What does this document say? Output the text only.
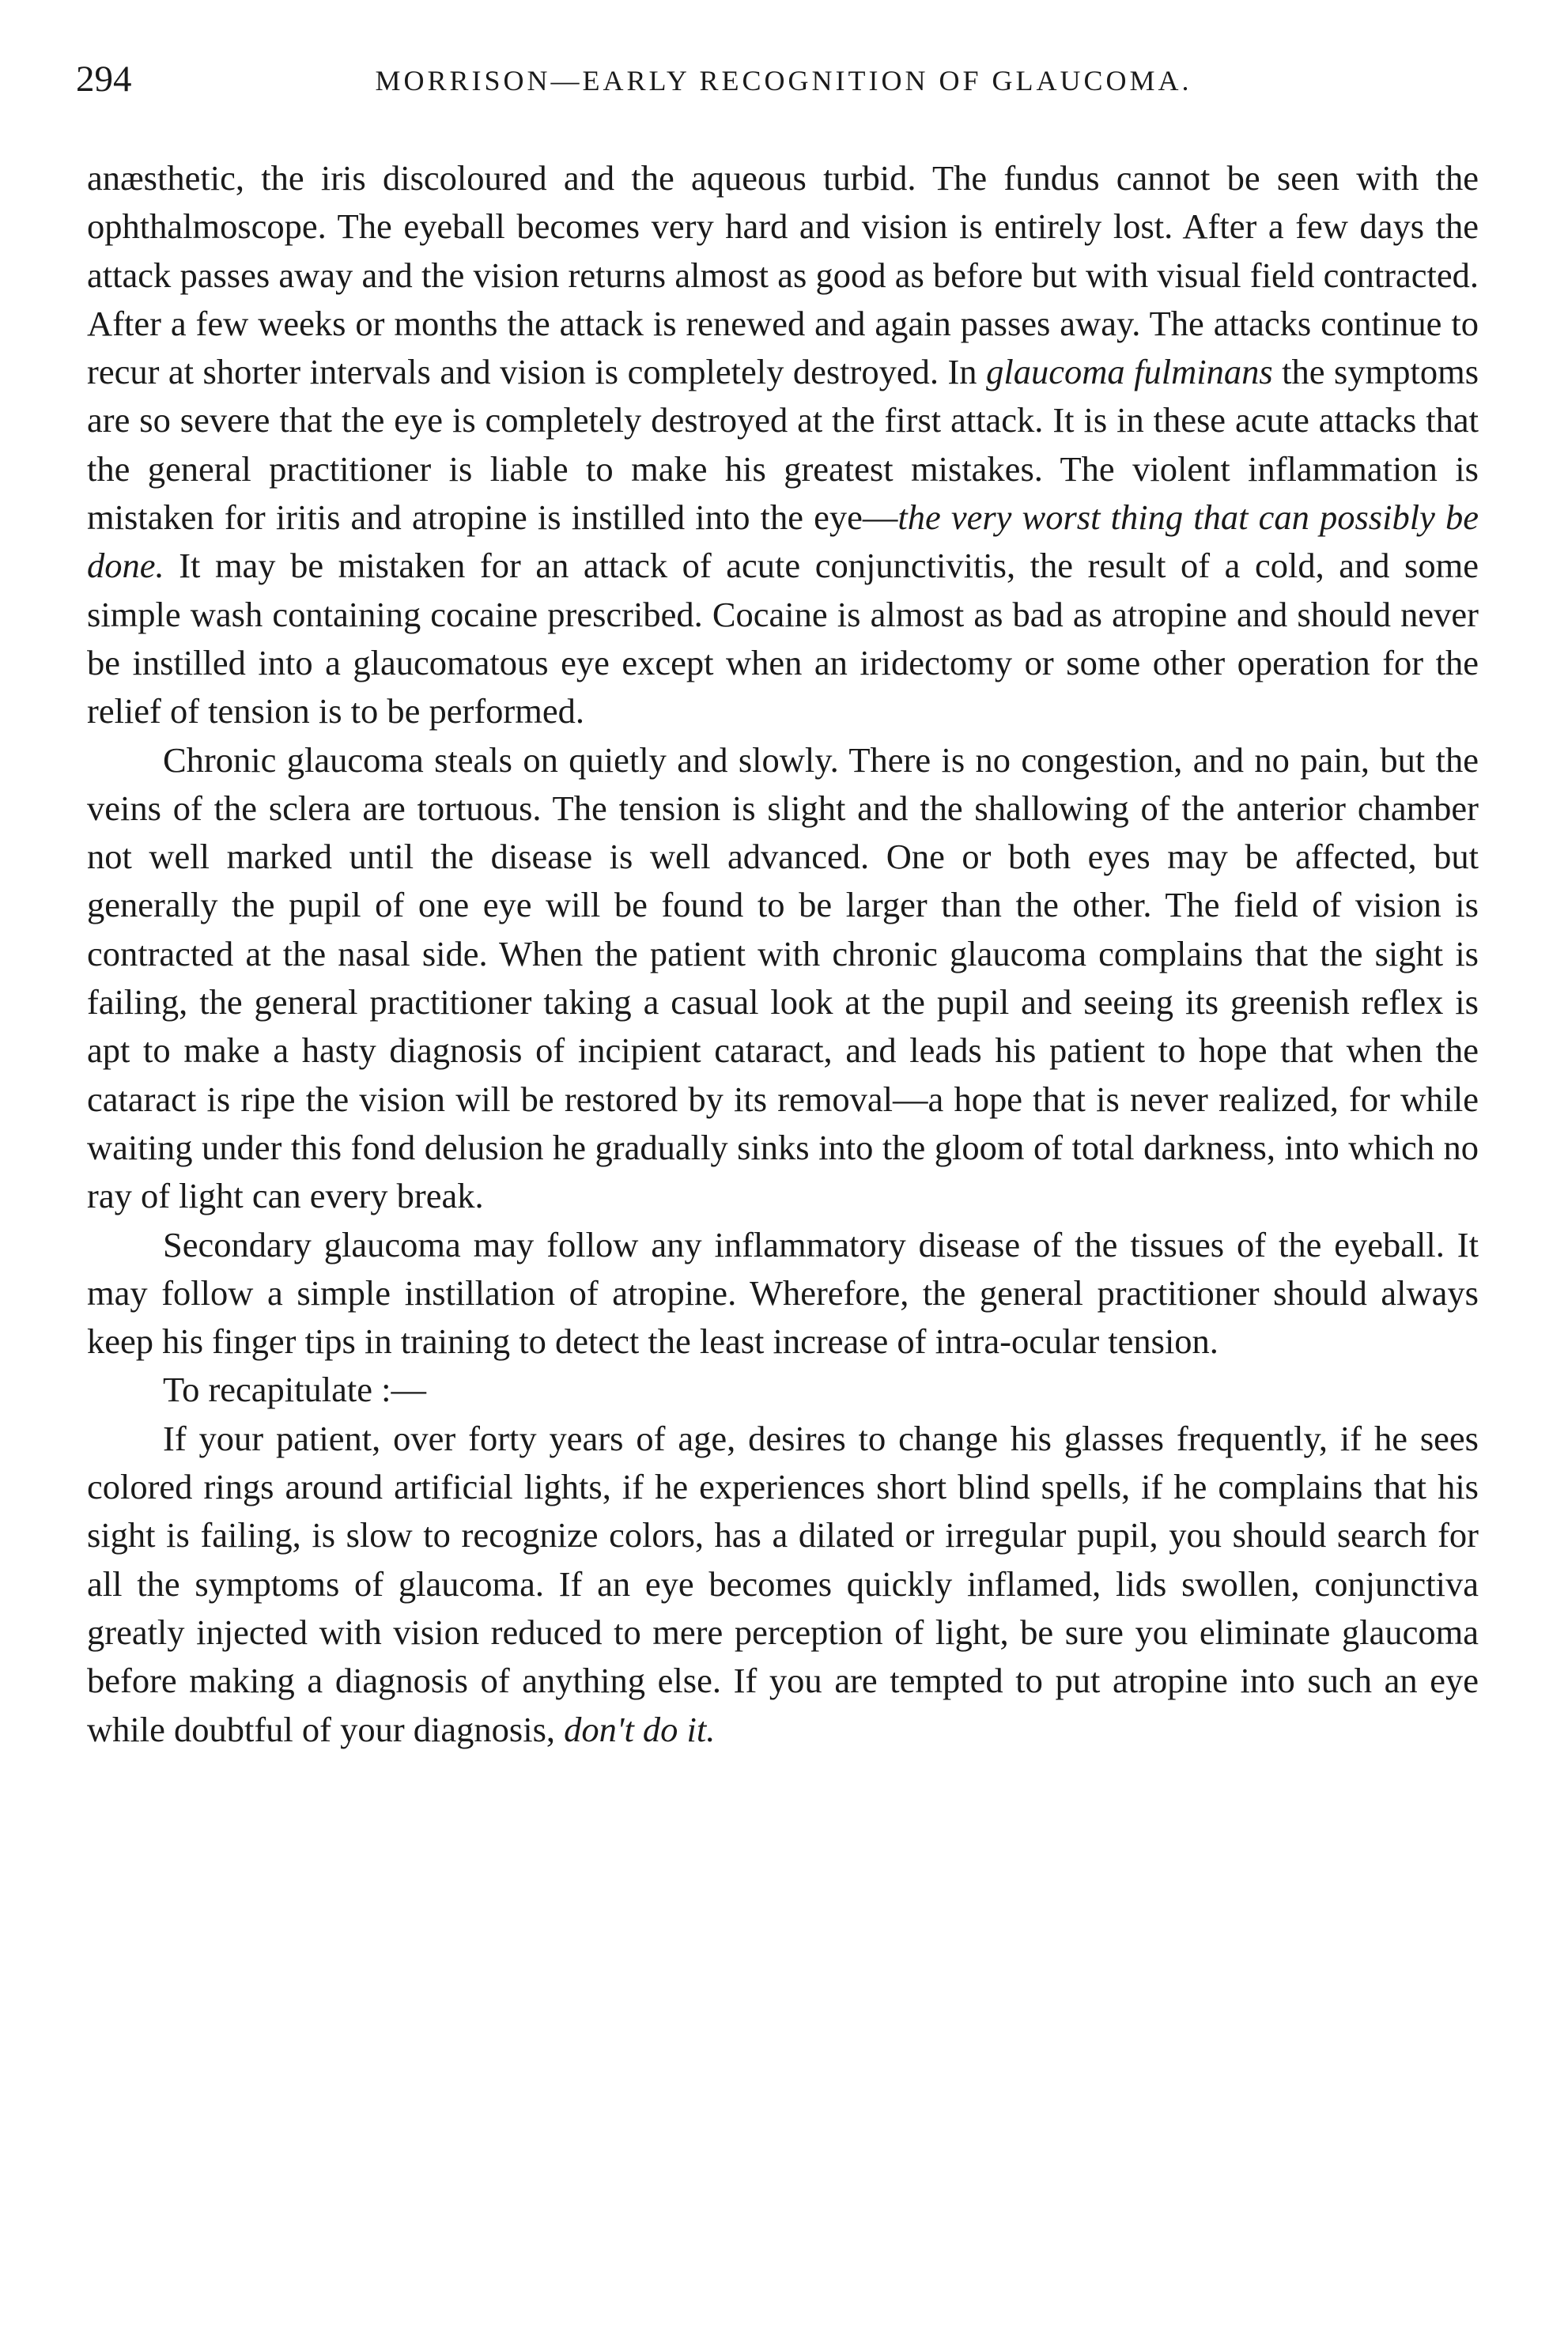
294	MORRISON—EARLY RECOGNITION OF GLAUCOMA.

anæsthetic, the iris discoloured and the aqueous turbid. The fundus cannot be seen with the ophthalmoscope. The eyeball becomes very hard and vision is entirely lost. After a few days the attack passes away and the vision returns almost as good as before but with visual field contracted. After a few weeks or months the attack is renewed and again passes away. The attacks continue to recur at shorter intervals and vision is completely destroyed. In glaucoma fulminans the symptoms are so severe that the eye is completely destroyed at the first attack. It is in these acute attacks that the general practitioner is liable to make his greatest mistakes. The violent inflammation is mistaken for iritis and atropine is instilled into the eye—the very worst thing that can possibly be done. It may be mistaken for an attack of acute conjunctivitis, the result of a cold, and some simple wash containing cocaine prescribed. Cocaine is almost as bad as atropine and should never be instilled into a glaucomatous eye except when an iridectomy or some other operation for the relief of tension is to be performed.

Chronic glaucoma steals on quietly and slowly. There is no congestion, and no pain, but the veins of the sclera are tortuous. The tension is slight and the shallowing of the anterior chamber not well marked until the disease is well advanced. One or both eyes may be affected, but generally the pupil of one eye will be found to be larger than the other. The field of vision is contracted at the nasal side. When the patient with chronic glaucoma complains that the sight is failing, the general practitioner taking a casual look at the pupil and seeing its greenish reflex is apt to make a hasty diagnosis of incipient cataract, and leads his patient to hope that when the cataract is ripe the vision will be restored by its removal—a hope that is never realized, for while waiting under this fond delusion he gradually sinks into the gloom of total darkness, into which no ray of light can every break.

Secondary glaucoma may follow any inflammatory disease of the tissues of the eyeball. It may follow a simple instillation of atropine. Wherefore, the general practitioner should always keep his finger tips in training to detect the least increase of intra-ocular tension.

To recapitulate :—

If your patient, over forty years of age, desires to change his glasses frequently, if he sees colored rings around artificial lights, if he experiences short blind spells, if he complains that his sight is failing, is slow to recognize colors, has a dilated or irregular pupil, you should search for all the symptoms of glaucoma. If an eye becomes quickly inflamed, lids swollen, conjunctiva greatly injected with vision reduced to mere perception of light, be sure you eliminate glaucoma before making a diagnosis of anything else. If you are tempted to put atropine into such an eye while doubtful of your diagnosis, don't do it.
